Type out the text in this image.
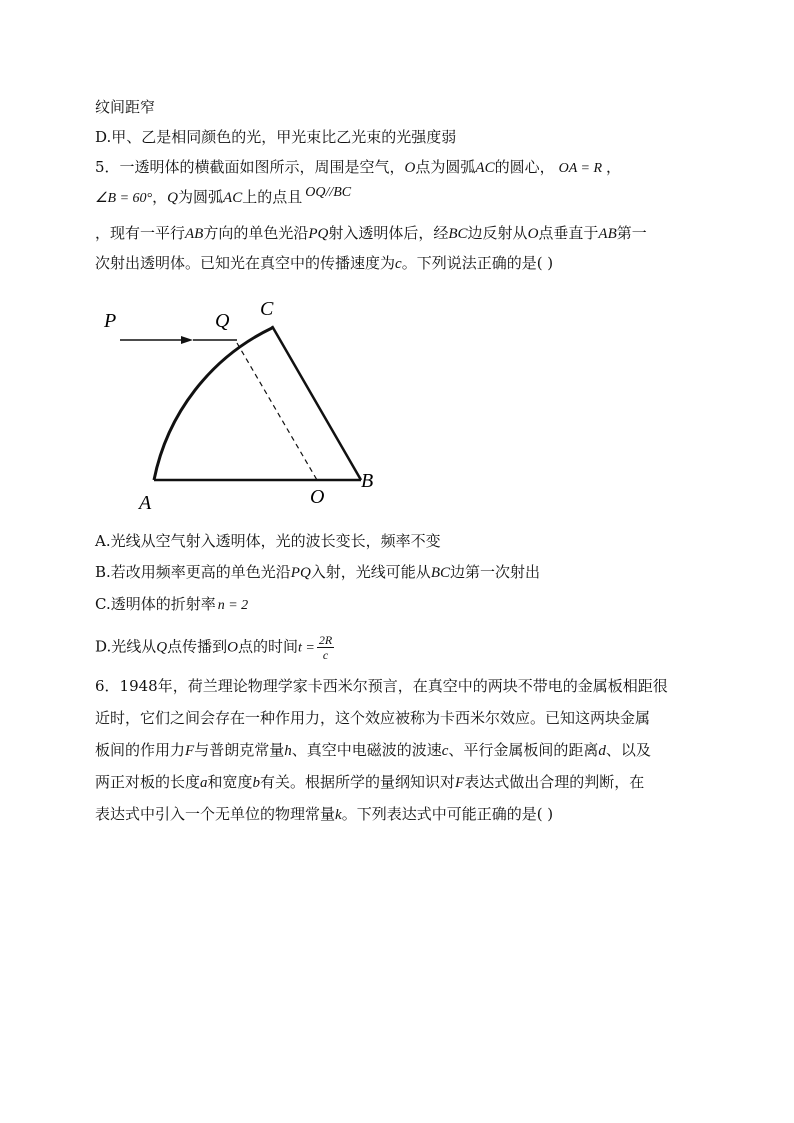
纹间距窄
D.甲、乙是相同颜色的光，甲光束比乙光束的光强度弱
5．一透明体的横截面如图所示，周围是空气，O点为圆弧AC的圆心， OA = R ，
∠B = 60°，Q为圆弧AC上的点且 OQ//BC
，现有一平行AB方向的单色光沿PQ射入透明体后，经BC边反射从O点垂直于AB第一
次射出透明体。已知光在真空中的传播速度为c。下列说法正确的是( )
P	Q
C
A	O
B
A.光线从空气射入透明体，光的波长变长，频率不变
B.若改用频率更高的单色光沿PQ入射，光线可能从BC边第一次射出
C.透明体的折射率 n = 2
D.光线从Q点传播到O点的时间$t = \frac{2R}{c}$
6．1948年，荷兰理论物理学家卡西米尔预言，在真空中的两块不带电的金属板相距很
近时，它们之间会存在一种作用力，这个效应被称为卡西米尔效应。已知这两块金属
板间的作用力F与普朗克常量h、真空中电磁波的波速c、平行金属板间的距离d、以及
两正对板的长度a和宽度b有关。根据所学的量纲知识对F表达式做出合理的判断，在
表达式中引入一个无单位的物理常量k。下列表达式中可能正确的是( )
